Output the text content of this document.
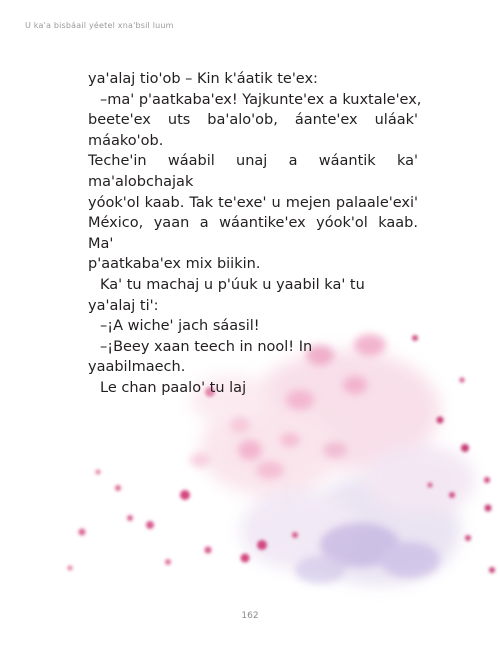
U ka'a bisbáail yéetel xna'bsil luum
ya'alaj tio'ob – Kin k'áatik te'ex:
–ma' p'aatkaba'ex! Yajkunte'ex a kuxtale'ex,
beete'ex uts ba'alo'ob, áante'ex uláak' máako'ob.
Teche'in wáabil unaj a wáantik ka' ma'alobchajak
yóok'ol kaab. Tak te'exe' u mejen palaale'exi'
México, yaan a wáantike'ex yóok'ol kaab. Ma'
p'aatkaba'ex mix biikin.
Ka' tu machaj u p'úuk u yaabil ka' tu
ya'alaj ti':
–¡A wiche' jach sáasil!
–¡Beey xaan teech in nool! In
yaabilmaech.
Le chan paalo' tu laj
162
